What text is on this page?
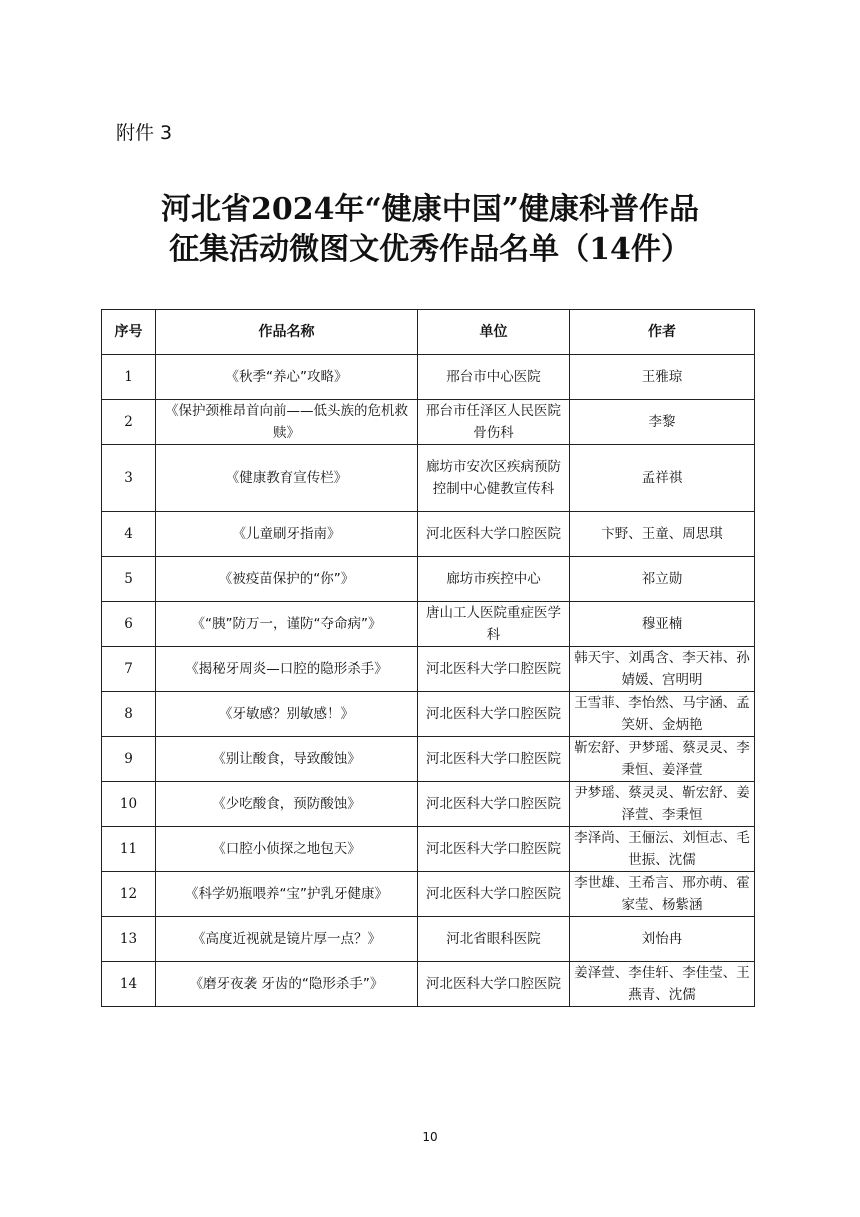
附件 3
河北省2024年“健康中国”健康科普作品
征集活动微图文优秀作品名单（14件）
序号	作品名称	单位	作者
1	《秋季“养心”攻略》	邢台市中心医院	王雅琼
2	《保护颈椎昂首向前——低头族的危机救赎》	邢台市任泽区人民医院骨伤科	李黎
3	《健康教育宣传栏》	廊坊市安次区疾病预防控制中心健教宣传科	孟祥祺
4	《儿童刷牙指南》	河北医科大学口腔医院	卞野、王童、周思琪
5	《被疫苗保护的“你”》	廊坊市疾控中心	祁立勋
6	《“胰”防万一，谨防“夺命病”》	唐山工人医院重症医学科	穆亚楠
7	《揭秘牙周炎—口腔的隐形杀手》	河北医科大学口腔医院	韩天宇、刘禹含、李天祎、孙婧媛、宫明明
8	《牙敏感？别敏感！》	河北医科大学口腔医院	王雪菲、李怡然、马宇涵、孟笑妍、金炳艳
9	《别让酸食，导致酸蚀》	河北医科大学口腔医院	靳宏舒、尹梦瑶、蔡灵灵、李秉恒、姜泽萱
10	《少吃酸食，预防酸蚀》	河北医科大学口腔医院	尹梦瑶、蔡灵灵、靳宏舒、姜泽萱、李秉恒
11	《口腔小侦探之地包天》	河北医科大学口腔医院	李泽尚、王俪沄、刘恒志、毛世振、沈儒
12	《科学奶瓶喂养“宝”护乳牙健康》	河北医科大学口腔医院	李世雄、王希言、邢亦萌、霍家莹、杨紫涵
13	《高度近视就是镜片厚一点？》	河北省眼科医院	刘怡冉
14	《磨牙夜袭 牙齿的“隐形杀手”》	河北医科大学口腔医院	姜泽萱、李佳轩、李佳莹、王燕青、沈儒
10
